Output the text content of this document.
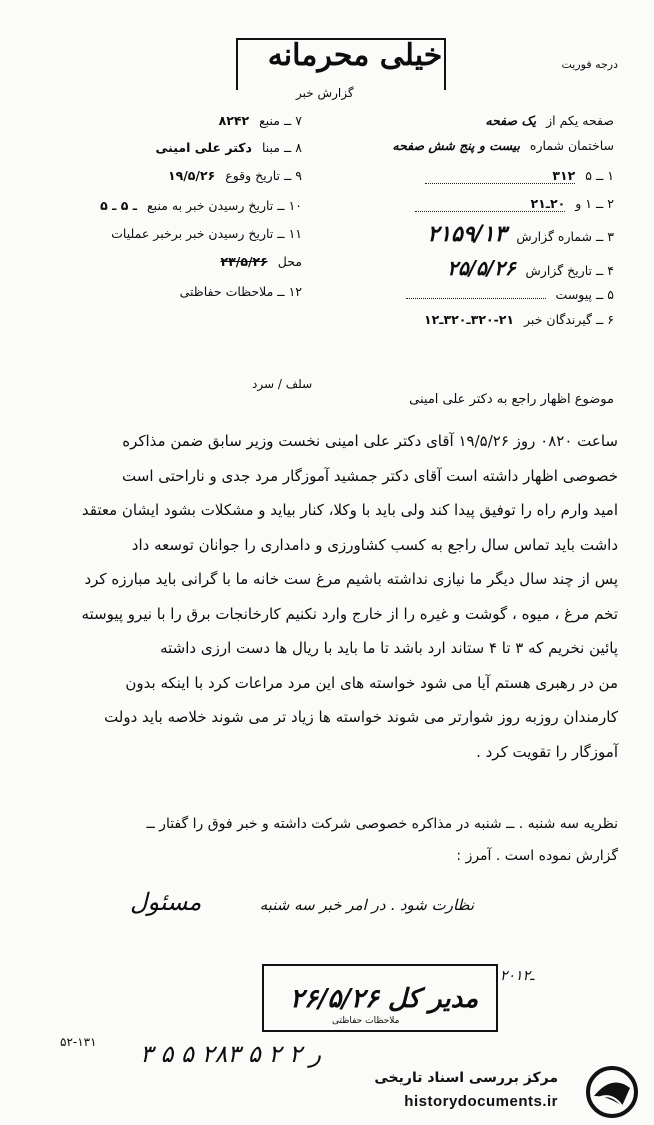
خیلی محرمانه
گزارش خبر
درجه فوریت
صفحه یکم از یک صفحه
ساختمان شماره بیست و پنج شش صفحه
۱ ــ ۵ ۳۱۲
۲ ــ ۱ و ۲۰ـ۲۱
۳ ــ شماره گزارش ۲۱۵۹/۱۳
۴ ــ تاریخ گزارش ۲۵/۵/۲۶
۵ ــ پیوست
۶ ــ گیرندگان خبر ۲۱-۳۲۰ـ۳۲۰ـ۱۲
۷ ــ منبع ۸۲۴۲
۸ ــ مبنا دکتر علی امینی
۹ ــ تاریخ وقوع ۱۹/۵/۲۶
۱۰ ــ تاریخ رسیدن خبر به منبع ـ ۵ ـ ۵
۱۱ ــ تاریخ رسیدن خبر برخبر عملیات
محل ۲۳/۵/۲۶
۱۲ ــ ملاحظات حفاظتی
موضوع اظهار راجع به دکتر علی امینی
سلف / سرد

ساعت ۰۸۲۰ روز ۱۹/۵/۲۶ آقای دکتر علی امینی نخست وزیر سابق ضمن مذاکره

خصوصی اظهار داشته است آقای دکتر جمشید آموزگار مرد جدی و ناراحتی است

امید وارم راه را توفیق پیدا کند ولی باید با وکلا، کنار بیاید و مشکلات بشود ایشان معتقد

داشت باید تماس سال راجع به کسب کشاورزی و دامداری را جوانان توسعه داد

پس از چند سال دیگر ما نیازی نداشته باشیم مرغ ست خانه ما با گرانی باید مبارزه کرد

تخم مرغ ، میوه ، گوشت و غیره را از خارج وارد نکنیم کارخانجات برق را با نیرو پیوسته

پائین نخریم که ۳ تا ۴ ستاند ارد باشد تا ما باید با ریال ها دست ارزی داشته

من در رهبری هستم آیا می شود خواسته های این مرد مراعات کرد با اینکه بدون

کارمندان روزبه روز شوارتر می شوند خواسته ها زیاد تر می شوند خلاصه باید دولت

آموزگار را تقویت کرد .

نظریه سه شنبه . ــ شنبه در مذاکره خصوصی شرکت داشته و خبر فوق را گفتار ــ
گزارش نموده است . آمرز :
نظارت شود . در امر خبر سه شنبه
مسئول
۲۶/۵/۲۶ مدیر کل
ملاحظات حفاظتی
۲۰ـ۱۲
۵۲-۱۳۱ ۳ ۵ ۵ ر ۲ ۲ ۵ ۲۸۳
مرکز بررسی اسناد تاریخی
historydocuments.ir
